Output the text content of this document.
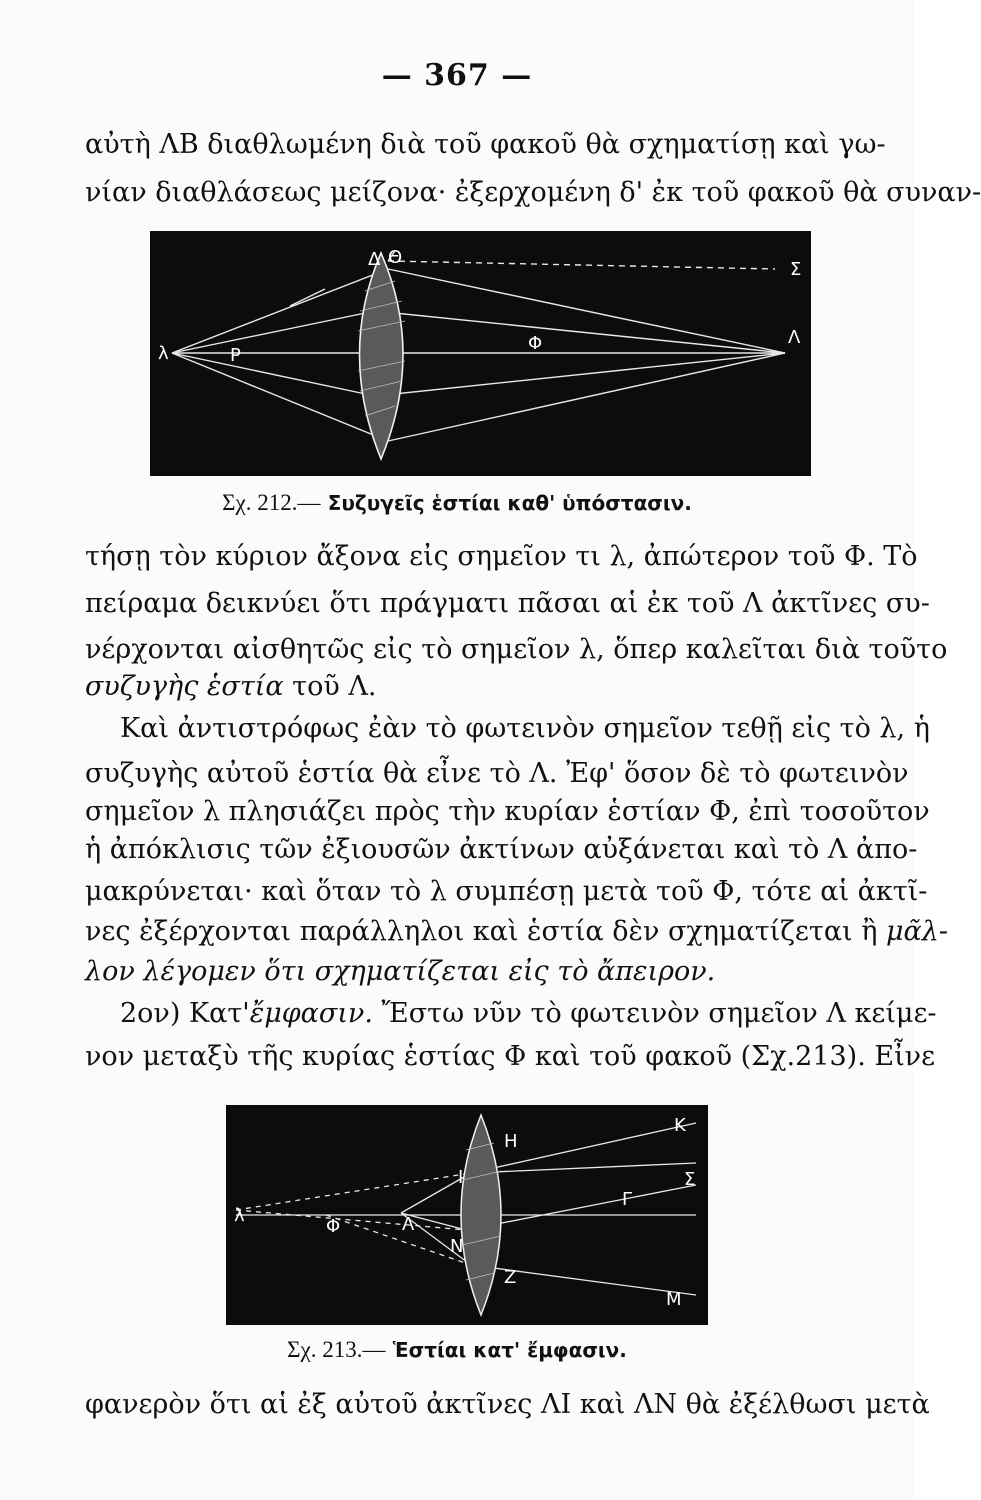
— 367 —
αὐτὴ ΛΒ διαθλωμένη διὰ τοῦ φακοῦ θὰ σχηματίσῃ καὶ γω-
νίαν διαθλάσεως μείζονα· ἐξερχομένη δ' ἐκ τοῦ φακοῦ θὰ συναν-
λ	P
Δ Θ
Φ	Λ
Σ
Σχ. 212.— Συζυγεῖς ἑστίαι καθ' ὑπόστασιν.
τήσῃ τὸν κύριον ἄξονα εἰς σημεῖον τι λ, ἀπώτερον τοῦ Φ. Τὸ
πείραμα δεικνύει ὅτι πράγματι πᾶσαι αἱ ἐκ τοῦ Λ ἀκτῖνες συ-
νέρχονται αἰσθητῶς εἰς τὸ σημεῖον λ, ὅπερ καλεῖται διὰ τοῦτο
συζυγὴς ἑστία τοῦ Λ.
Καὶ ἀντιστρόφως ἐὰν τὸ φωτεινὸν σημεῖον τεθῇ εἰς τὸ λ, ἡ
συζυγὴς αὐτοῦ ἑστία θὰ εἶνε τὸ Λ. Ἐφ' ὅσον δὲ τὸ φωτεινὸν
σημεῖον λ πλησιάζει πρὸς τὴν κυρίαν ἑστίαν Φ, ἐπὶ τοσοῦτον
ἡ ἀπόκλισις τῶν ἐξιουσῶν ἀκτίνων αὐξάνεται καὶ τὸ Λ ἀπο-
μακρύνεται· καὶ ὅταν τὸ λ συμπέσῃ μετὰ τοῦ Φ, τότε αἱ ἀκτῖ-
νες ἐξέρχονται παράλληλοι καὶ ἑστία δὲν σχηματίζεται ἢ μᾶλ-
λον λέγομεν ὅτι σχηματίζεται εἰς τὸ ἄπειρον.
2ον) Κατ'ἔμφασιν. Ἔστω νῦν τὸ φωτεινὸν σημεῖον Λ κείμε-
νον μεταξὺ τῆς κυρίας ἑστίας Φ καὶ τοῦ φακοῦ (Σχ.213). Εἶνε
λ
Φ	Λ
N
H
I
Z
K
Σ
Γ
M
Σχ. 213.— Ἑστίαι κατ' ἔμφασιν.
φανερὸν ὅτι αἱ ἐξ αὐτοῦ ἀκτῖνες ΛΙ καὶ ΛΝ θὰ ἐξέλθωσι μετὰ
